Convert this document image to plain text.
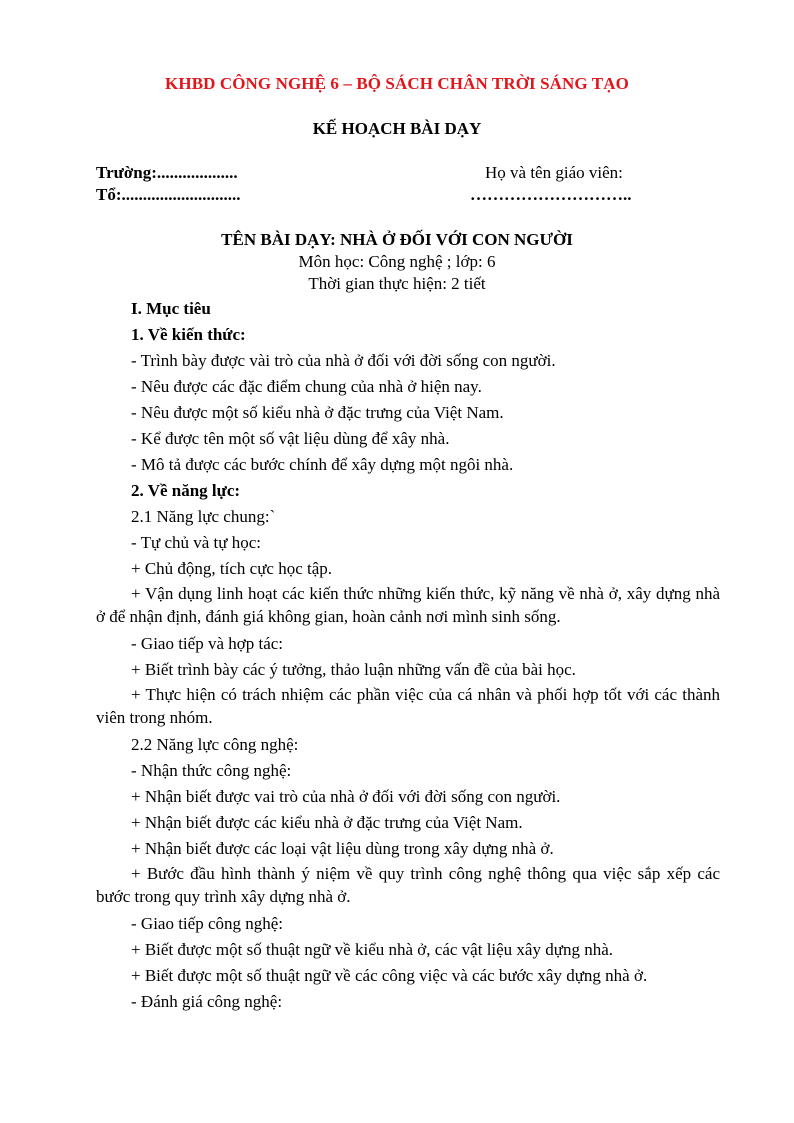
KHBD CÔNG NGHỆ 6 – BỘ SÁCH CHÂN TRỜI SÁNG TẠO
KẾ HOẠCH BÀI DẠY
Trường:...................
Tổ:............................
Họ và tên giáo viên:
………………………..
TÊN BÀI DẠY: NHÀ Ở ĐỐI VỚI CON NGƯỜI
Môn học: Công nghệ ; lớp: 6
Thời gian thực hiện: 2 tiết
I. Mục tiêu
1. Về kiến thức:
- Trình bày được vài trò của nhà ở đối với đời sống con người.
- Nêu được các đặc điểm chung của nhà ở hiện nay.
- Nêu được một số kiểu nhà ở đặc trưng của Việt Nam.
- Kể được tên một số vật liệu dùng để xây nhà.
- Mô tả được các bước chính để xây dựng một ngôi nhà.
2. Về năng lực:
2.1 Năng lực chung:`
- Tự chủ và tự học:
+ Chủ động, tích cực học tập.
+ Vận dụng linh hoạt các kiến thức những kiến thức, kỹ năng về nhà ở, xây dựng nhà ở để nhận định, đánh giá không gian, hoàn cảnh nơi mình sinh sống.
- Giao tiếp và hợp tác:
+ Biết trình bày các ý tưởng, thảo luận những vấn đề của bài học.
+ Thực hiện có trách nhiệm các phần việc của cá nhân và phối hợp tốt với các thành viên trong nhóm.
2.2 Năng lực công nghệ:
- Nhận thức công nghệ:
+ Nhận biết được vai trò của nhà ở đối với đời sống con người.
+ Nhận biết được các kiểu nhà ở đặc trưng của Việt Nam.
+ Nhận biết được các loại vật liệu dùng trong xây dựng nhà ở.
+ Bước đầu hình thành ý niệm về quy trình công nghệ thông qua việc sắp xếp các bước trong quy trình xây dựng nhà ở.
- Giao tiếp công nghệ:
+ Biết được một số thuật ngữ về kiểu nhà ở, các vật liệu xây dựng nhà.
+ Biết được một số thuật ngữ về các công việc và các bước xây dựng nhà ở.
- Đánh giá công nghệ:
